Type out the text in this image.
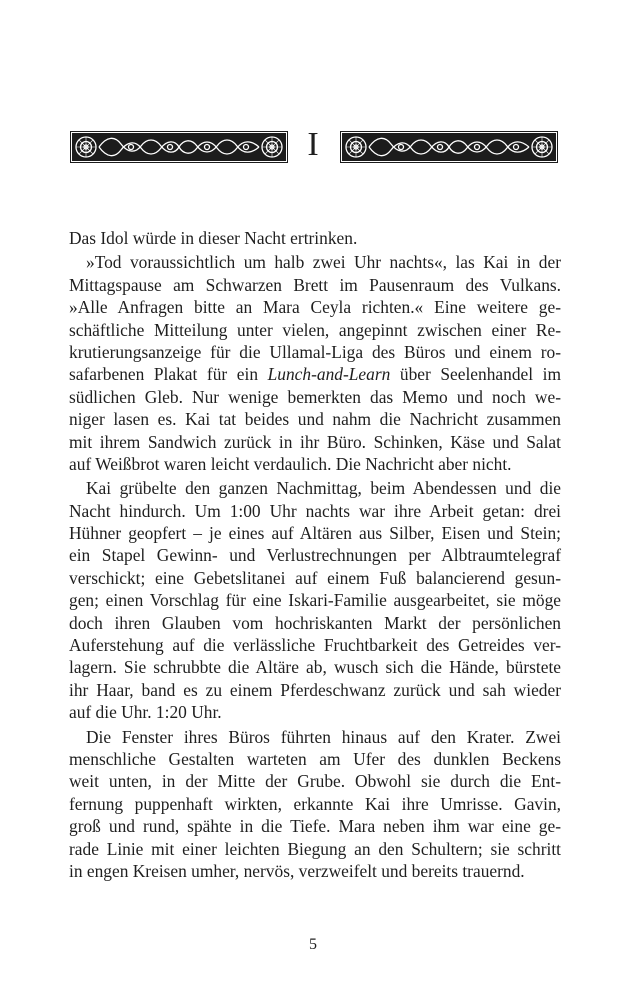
I

Das Idol würde in dieser Nacht ertrinken.

»Tod voraussichtlich um halb zwei Uhr nachts«, las Kai in der
Mittagspause am Schwarzen Brett im Pausenraum des Vulkans.
»Alle Anfragen bitte an Mara Ceyla richten.« Eine weitere ge-
schäftliche Mitteilung unter vielen, angepinnt zwischen einer Re-
krutierungsanzeige für die Ullamal-Liga des Büros und einem ro-
safarbenen Plakat für ein Lunch-and-Learn über Seelenhandel im
südlichen Gleb. Nur wenige bemerkten das Memo und noch we-
niger lasen es. Kai tat beides und nahm die Nachricht zusammen
mit ihrem Sandwich zurück in ihr Büro. Schinken, Käse und Salat
auf Weißbrot waren leicht verdaulich. Die Nachricht aber nicht.

Kai grübelte den ganzen Nachmittag, beim Abendessen und die
Nacht hindurch. Um 1:00 Uhr nachts war ihre Arbeit getan: drei
Hühner geopfert – je eines auf Altären aus Silber, Eisen und Stein;
ein Stapel Gewinn- und Verlustrechnungen per Albtraumtelegraf
verschickt; eine Gebetslitanei auf einem Fuß balancierend gesun-
gen; einen Vorschlag für eine Iskari-Familie ausgearbeitet, sie möge
doch ihren Glauben vom hochriskanten Markt der persönlichen
Auferstehung auf die verlässliche Fruchtbarkeit des Getreides ver-
lagern. Sie schrubbte die Altäre ab, wusch sich die Hände, bürstete
ihr Haar, band es zu einem Pferdeschwanz zurück und sah wieder
auf die Uhr. 1:20 Uhr.

Die Fenster ihres Büros führten hinaus auf den Krater. Zwei
menschliche Gestalten warteten am Ufer des dunklen Beckens
weit unten, in der Mitte der Grube. Obwohl sie durch die Ent-
fernung puppenhaft wirkten, erkannte Kai ihre Umrisse. Gavin,
groß und rund, spähte in die Tiefe. Mara neben ihm war eine ge-
rade Linie mit einer leichten Biegung an den Schultern; sie schritt
in engen Kreisen umher, nervös, verzweifelt und bereits trauernd.

5
